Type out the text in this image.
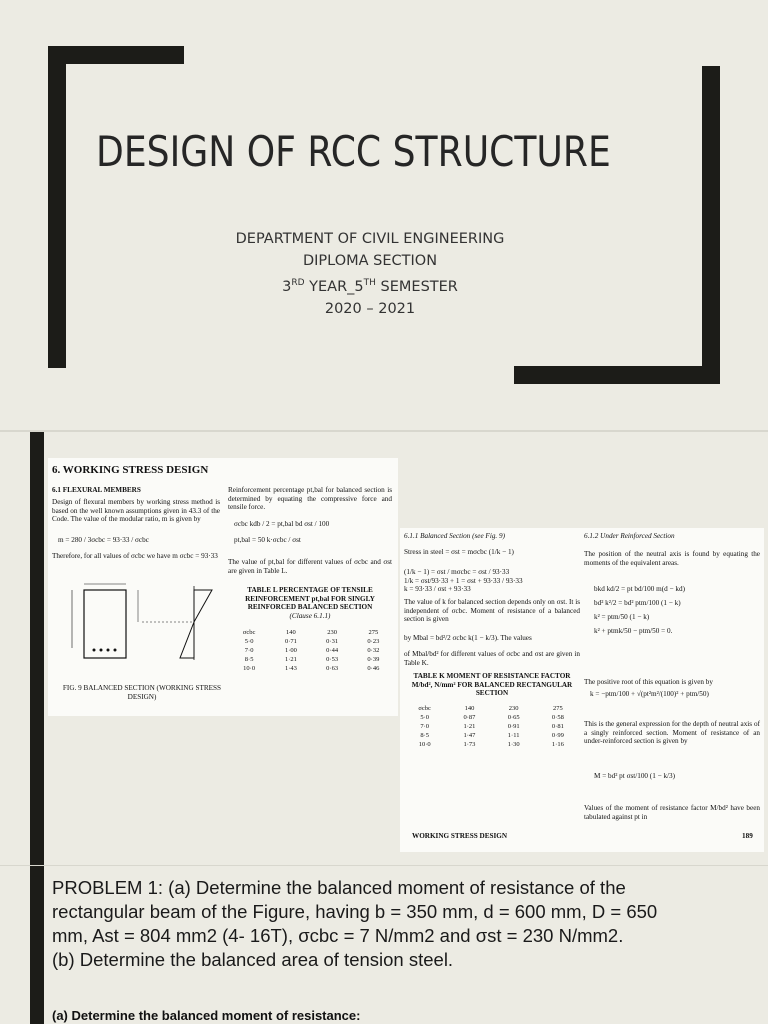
DESIGN OF RCC STRUCTURE
DEPARTMENT OF CIVIL ENGINEERING
DIPLOMA SECTION
3RD YEAR_5TH SEMESTER
2020 – 2021
6. WORKING STRESS DESIGN
6.1 FLEXURAL MEMBERS
Design of flexural members by working stress method is based on the well known assumptions given in 43.3 of the Code. The value of the modular ratio, m is given by
m = 280 / 3σcbc = 93·33 / σcbc
Therefore, for all values of σcbc we have m σcbc = 93·33
FIG. 9 BALANCED SECTION (WORKING STRESS DESIGN)
Reinforcement percentage pt,bal for balanced section is determined by equating the compressive force and tensile force.
σcbc kdb / 2 = pt,bal bd σst / 100
pt,bal = 50 k·σcbc / σst
The value of pt,bal for different values of σcbc and σst are given in Table L.
TABLE L PERCENTAGE OF TENSILE REINFORCEMENT pt,bal FOR SINGLY REINFORCED BALANCED SECTION
(Clause 6.1.1)
σcbc	140	230	275
5·0	0·71	0·31	0·23
7·0	1·00	0·44	0·32
8·5	1·21	0·53	0·39
10·0	1·43	0·63	0·46
6.1.1 Balanced Section (see Fig. 9)
Stress in steel = σst = mσcbc (1/k − 1)
(1/k − 1) = σst / mσcbc = σst / 93·33
1/k = σst/93·33 + 1 = σst + 93·33 / 93·33
k = 93·33 / σst + 93·33
The value of k for balanced section depends only on σst. It is independent of σcbc. Moment of resistance of a balanced section is given
by Mbal = bd²/2 σcbc k(1 − k/3). The values
of Mbal/bd² for different values of σcbc and σst are given in Table K.
TABLE K MOMENT OF RESISTANCE FACTOR M/bd², N/mm² FOR BALANCED RECTANGULAR SECTION
σcbc	140	230	275
5·0	0·87	0·65	0·58
7·0	1·21	0·91	0·81
8·5	1·47	1·11	0·99
10·0	1·73	1·30	1·16
WORKING STRESS DESIGN
6.1.2 Under Reinforced Section
The position of the neutral axis is found by equating the moments of the equivalent areas.
bkd kd/2 = pt bd/100 m(d − kd)
bd² k²/2 = bd² ptm/100 (1 − k)
k² = ptm/50 (1 − k)
k² + ptmk/50 − ptm/50 = 0.
The positive root of this equation is given by
k = −ptm/100 + √(pt²m²/(100)² + ptm/50)
This is the general expression for the depth of neutral axis of a singly reinforced section. Moment of resistance of an under-reinforced section is given by
M = bd² pt σst/100 (1 − k/3)
Values of the moment of resistance factor M/bd² have been tabulated against pt in
189
PROBLEM 1: (a) Determine the balanced moment of resistance of the
rectangular beam of the Figure, having b = 350 mm, d = 600 mm, D = 650
mm, Ast = 804 mm2 (4- 16T), σcbc = 7 N/mm2 and σst = 230 N/mm2.
(b) Determine the balanced area of tension steel.
(a) Determine the balanced moment of resistance:
